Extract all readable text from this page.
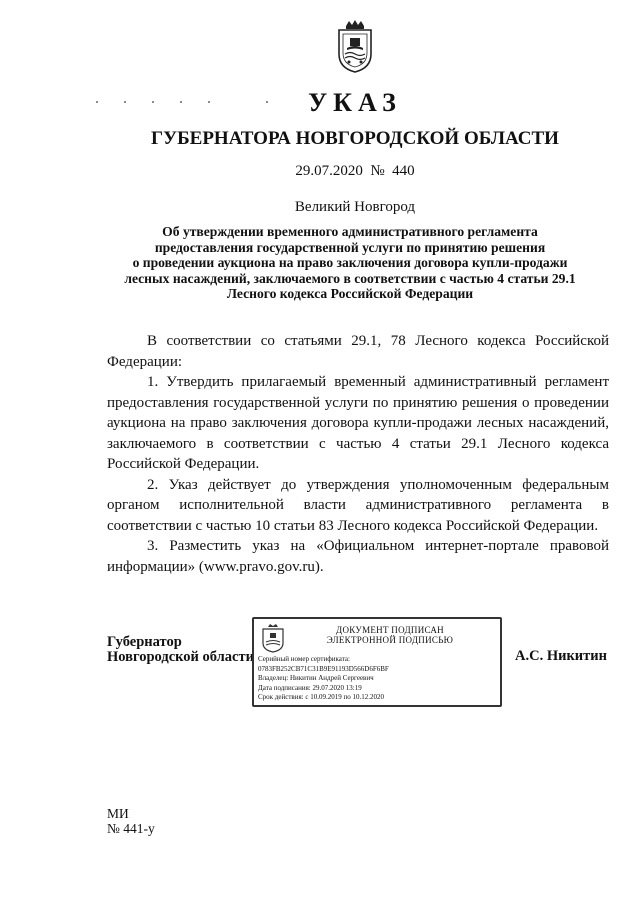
УКАЗ
ГУБЕРНАТОРА НОВГОРОДСКОЙ ОБЛАСТИ
29.07.2020 № 440
Великий Новгород
Об утверждении временного административного регламента
предоставления государственной услуги по принятию решения
о проведении аукциона на право заключения договора купли-продажи
лесных насаждений, заключаемого в соответствии с частью 4 статьи 29.1
Лесного кодекса Российской Федерации

В соответствии со статьями 29.1, 78 Лесного кодекса Российской Федерации:

1. Утвердить прилагаемый временный административный регламент предоставления государственной услуги по принятию решения о проведении аукциона на право заключения договора купли-продажи лесных насаждений, заключаемого в соответствии с частью 4 статьи 29.1 Лесного кодекса Российской Федерации.

2. Указ действует до утверждения уполномоченным федеральным органом исполнительной власти административного регламента в соответствии с частью 10 статьи 83 Лесного кодекса Российской Федерации.

3. Разместить указ на «Официальном интернет-портале правовой информации» (www.pravo.gov.ru).

Губернатор
Новгородской области
ДОКУМЕНТ ПОДПИСАН
ЭЛЕКТРОННОЙ ПОДПИСЬЮ
Серийный номер сертификата:
0783FB252CB71C31B9E91193D566D6F6BF
Владелец: Никитин Андрей Сергеевич
Дата подписания: 29.07.2020 13:19
Срок действия: с 10.09.2019 по 10.12.2020
А.С. Никитин
МИ
№ 441-у
